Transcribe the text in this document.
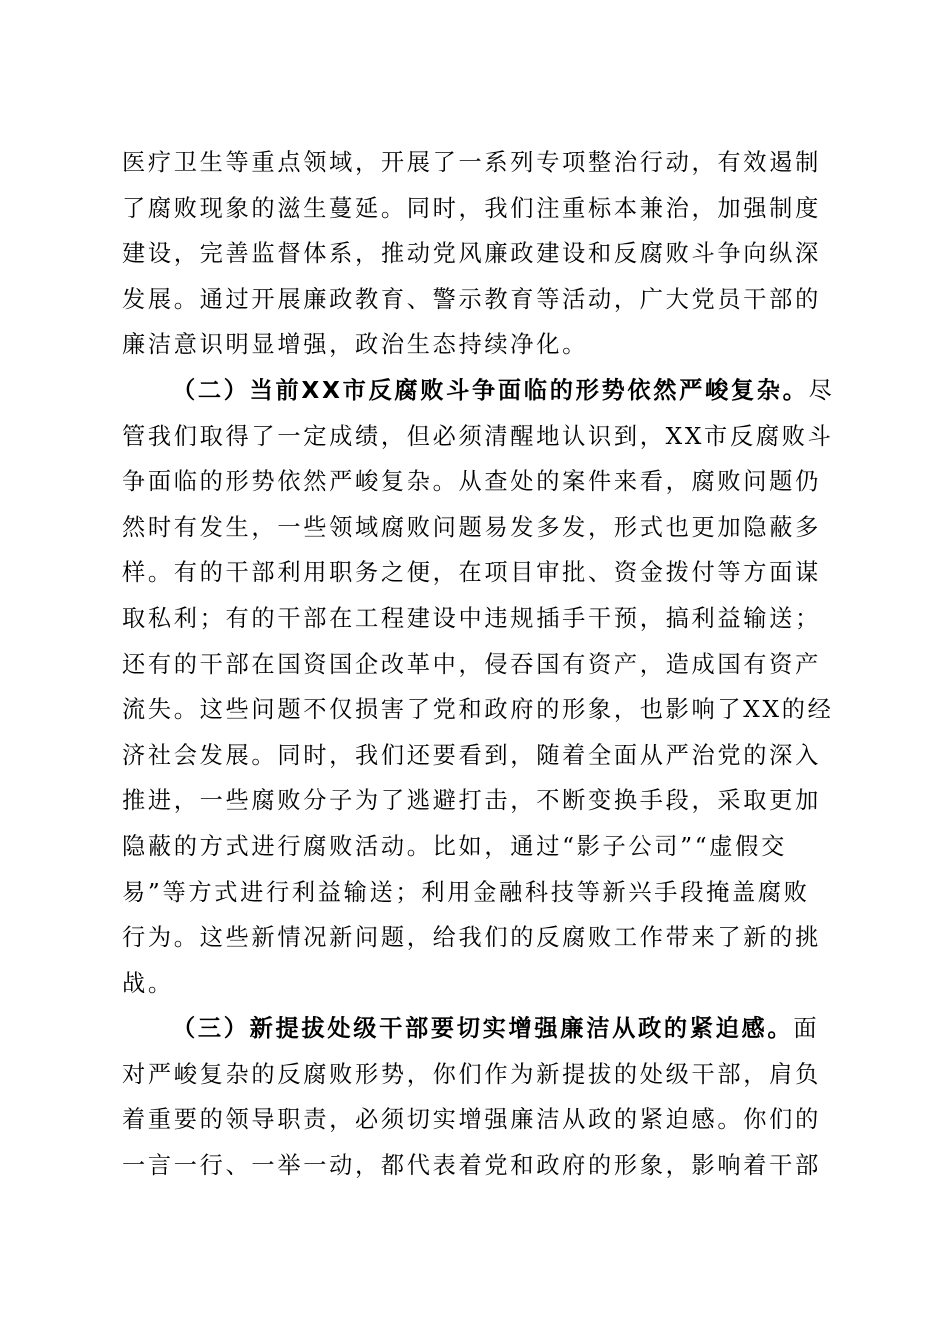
医疗卫生等重点领域，开展了一系列专项整治行动，有效遏制
了腐败现象的滋生蔓延。同时，我们注重标本兼治，加强制度
建设，完善监督体系，推动党风廉政建设和反腐败斗争向纵深
发展。通过开展廉政教育、警示教育等活动，广大党员干部的
廉洁意识明显增强，政治生态持续净化。
（二）当前XX市反腐败斗争面临的形势依然严峻复杂。尽
管我们取得了一定成绩，但必须清醒地认识到，XX市反腐败斗
争面临的形势依然严峻复杂。从查处的案件来看，腐败问题仍
然时有发生，一些领域腐败问题易发多发，形式也更加隐蔽多
样。有的干部利用职务之便，在项目审批、资金拨付等方面谋
取私利；有的干部在工程建设中违规插手干预，搞利益输送；
还有的干部在国资国企改革中，侵吞国有资产，造成国有资产
流失。这些问题不仅损害了党和政府的形象，也影响了XX的经
济社会发展。同时，我们还要看到，随着全面从严治党的深入
推进，一些腐败分子为了逃避打击，不断变换手段，采取更加
隐蔽的方式进行腐败活动。比如，通过“影子公司”“虚假交
易”等方式进行利益输送；利用金融科技等新兴手段掩盖腐败
行为。这些新情况新问题，给我们的反腐败工作带来了新的挑
战。
（三）新提拔处级干部要切实增强廉洁从政的紧迫感。面
对严峻复杂的反腐败形势，你们作为新提拔的处级干部，肩负
着重要的领导职责，必须切实增强廉洁从政的紧迫感。你们的
一言一行、一举一动，都代表着党和政府的形象，影响着干部
